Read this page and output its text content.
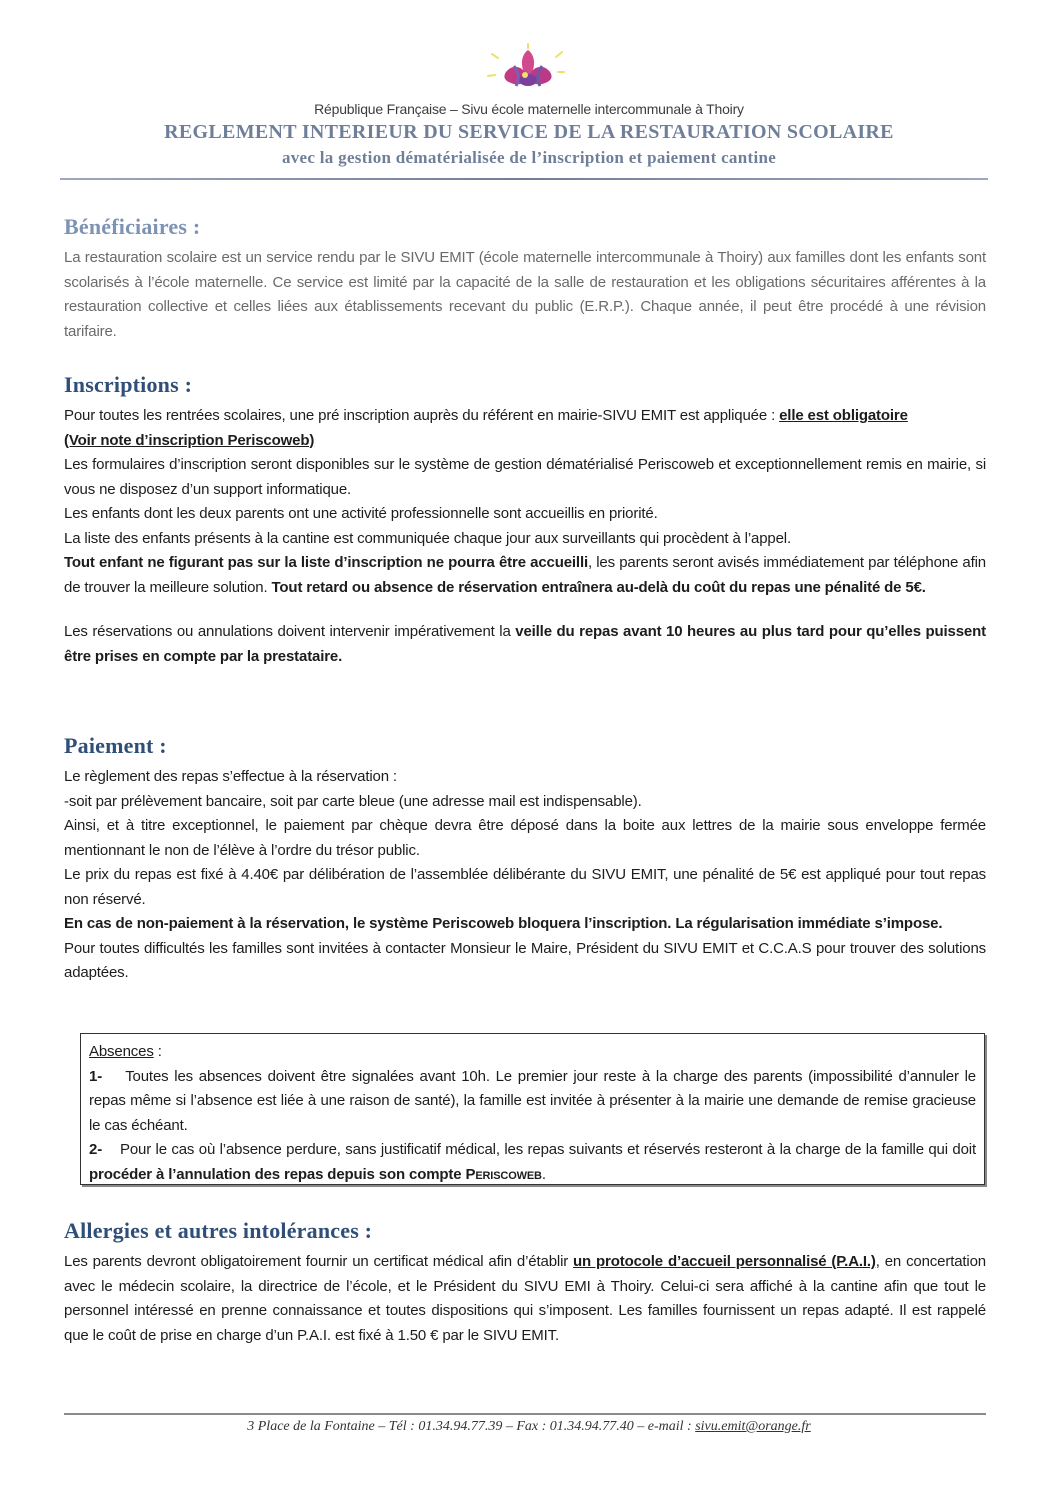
République Française – Sivu école maternelle intercommunale à Thoiry
REGLEMENT INTERIEUR DU SERVICE DE LA RESTAURATION SCOLAIRE
avec la gestion dématérialisée de l’inscription et paiement cantine
Bénéficiaires :

La restauration scolaire est un service rendu par le SIVU EMIT (école maternelle intercommunale à Thoiry) aux familles dont les enfants sont scolarisés à l’école maternelle. Ce service est limité par la capacité de la salle de restauration et les obligations sécuritaires afférentes à la restauration collective et celles liées aux établissements recevant du public (E.R.P.). Chaque année, il peut être procédé à une révision tarifaire.

Inscriptions :

Pour toutes les rentrées scolaires, une pré inscription auprès du référent en mairie-SIVU EMIT est appliquée : elle est obligatoire

(Voir note d’inscription Periscoweb)

Les formulaires d’inscription seront disponibles sur le système de gestion dématérialisé Periscoweb et exceptionnellement remis en mairie, si vous ne disposez d’un support informatique.

Les enfants dont les deux parents ont une activité professionnelle sont accueillis en priorité.

La liste des enfants présents à la cantine est communiquée chaque jour aux surveillants qui procèdent à l’appel.

Tout enfant ne figurant pas sur la liste d’inscription ne pourra être accueilli, les parents seront avisés immédiatement par téléphone afin de trouver la meilleure solution. Tout retard ou absence de réservation entraînera au-delà du coût du repas une pénalité de 5€.

Les réservations ou annulations doivent intervenir impérativement la veille du repas avant 10 heures au plus tard pour qu’elles puissent être prises en compte par la prestataire.

Paiement :

Le règlement des repas s’effectue à la réservation :

-soit par prélèvement bancaire, soit par carte bleue (une adresse mail est indispensable).

Ainsi, et à titre exceptionnel, le paiement par chèque devra être déposé dans la boite aux lettres de la mairie sous enveloppe fermée mentionnant le non de l’élève à l’ordre du trésor public.

Le prix du repas est fixé à 4.40€ par délibération de l’assemblée délibérante du SIVU EMIT, une pénalité de 5€ est appliqué pour tout repas non réservé.

En cas de non-paiement à la réservation, le système Periscoweb bloquera l’inscription. La régularisation immédiate s’impose.

Pour toutes difficultés les familles sont invitées à contacter Monsieur le Maire, Président du SIVU EMIT et C.C.A.S pour trouver des solutions adaptées.

Absences :

1- Toutes les absences doivent être signalées avant 10h. Le premier jour reste à la charge des parents (impossibilité d’annuler le repas même si l’absence est liée à une raison de santé), la famille est invitée à présenter à la mairie une demande de remise gracieuse le cas échéant.

2- Pour le cas où l’absence perdure, sans justificatif médical, les repas suivants et réservés resteront à la charge de la famille qui doit procéder à l’annulation des repas depuis son compte Periscoweb.

Allergies et autres intolérances :

Les parents devront obligatoirement fournir un certificat médical afin d’établir un protocole d’accueil personnalisé (P.A.I.), en concertation avec le médecin scolaire, la directrice de l’école, et le Président du SIVU EMI à Thoiry. Celui-ci sera affiché à la cantine afin que tout le personnel intéressé en prenne connaissance et toutes dispositions qui s’imposent. Les familles fournissent un repas adapté. Il est rappelé que le coût de prise en charge d’un P.A.I. est fixé à 1.50 € par le SIVU EMIT.

3 Place de la Fontaine – Tél : 01.34.94.77.39 – Fax : 01.34.94.77.40 – e-mail : sivu.emit@orange.fr
